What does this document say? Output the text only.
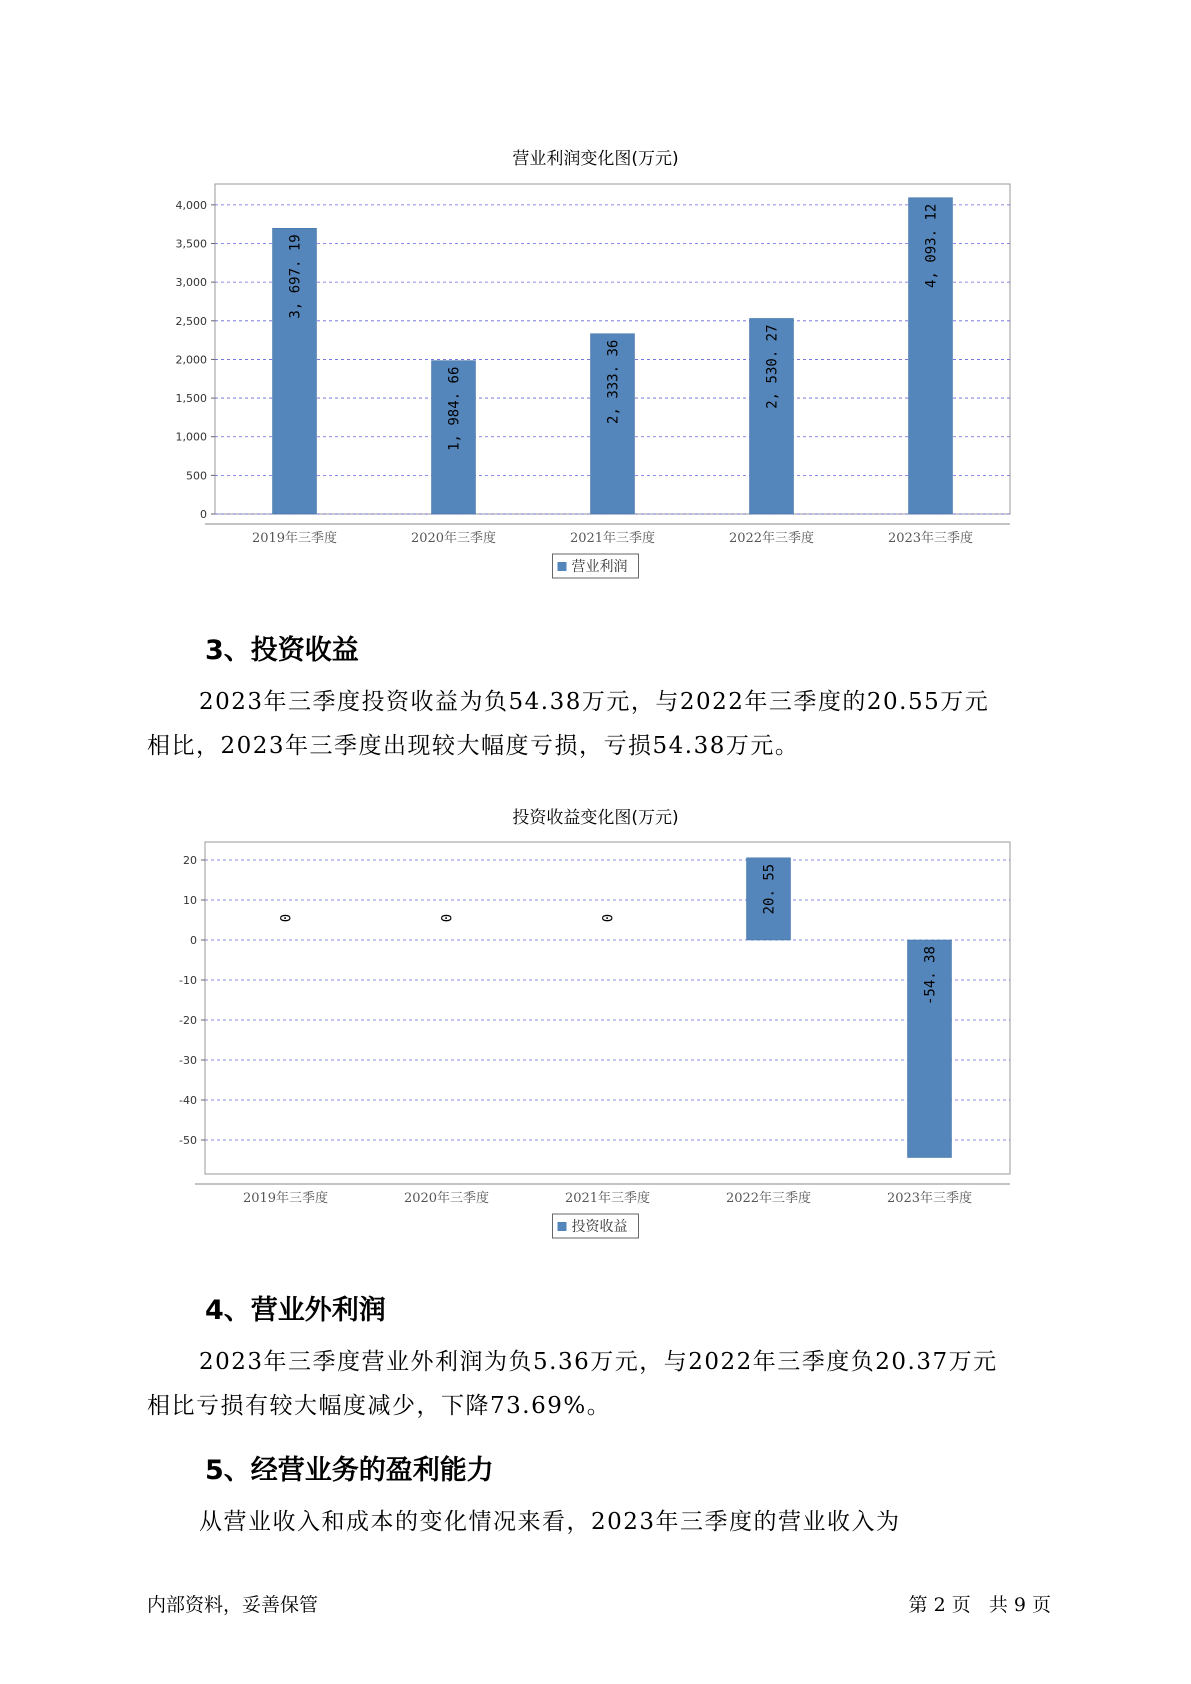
营业利润变化图(万元)
0
500
1,000
1,500
2,000
2,500
3,000
3,500
4,000
3, 697. 19
2019年三季度
1, 984. 66
2020年三季度
2, 333. 36
2021年三季度
2, 530. 27
2022年三季度
4, 093. 12
2023年三季度
营业利润
3、投资收益

2023年三季度投资收益为负54.38万元，与2022年三季度的20.55万元
相比，2023年三季度出现较大幅度亏损，亏损54.38万元。

投资收益变化图(万元)
20
10
0
-10
-20
-30
-40
-50
0
2019年三季度
0
2020年三季度
0
2021年三季度
20. 55
2022年三季度
-54. 38
2023年三季度
投资收益
4、营业外利润

2023年三季度营业外利润为负5.36万元，与2022年三季度负20.37万元
相比亏损有较大幅度减少，下降73.69%。

5、经营业务的盈利能力

从营业收入和成本的变化情况来看，2023年三季度的营业收入为

内部资料，妥善保管	第 2 页   共 9 页
